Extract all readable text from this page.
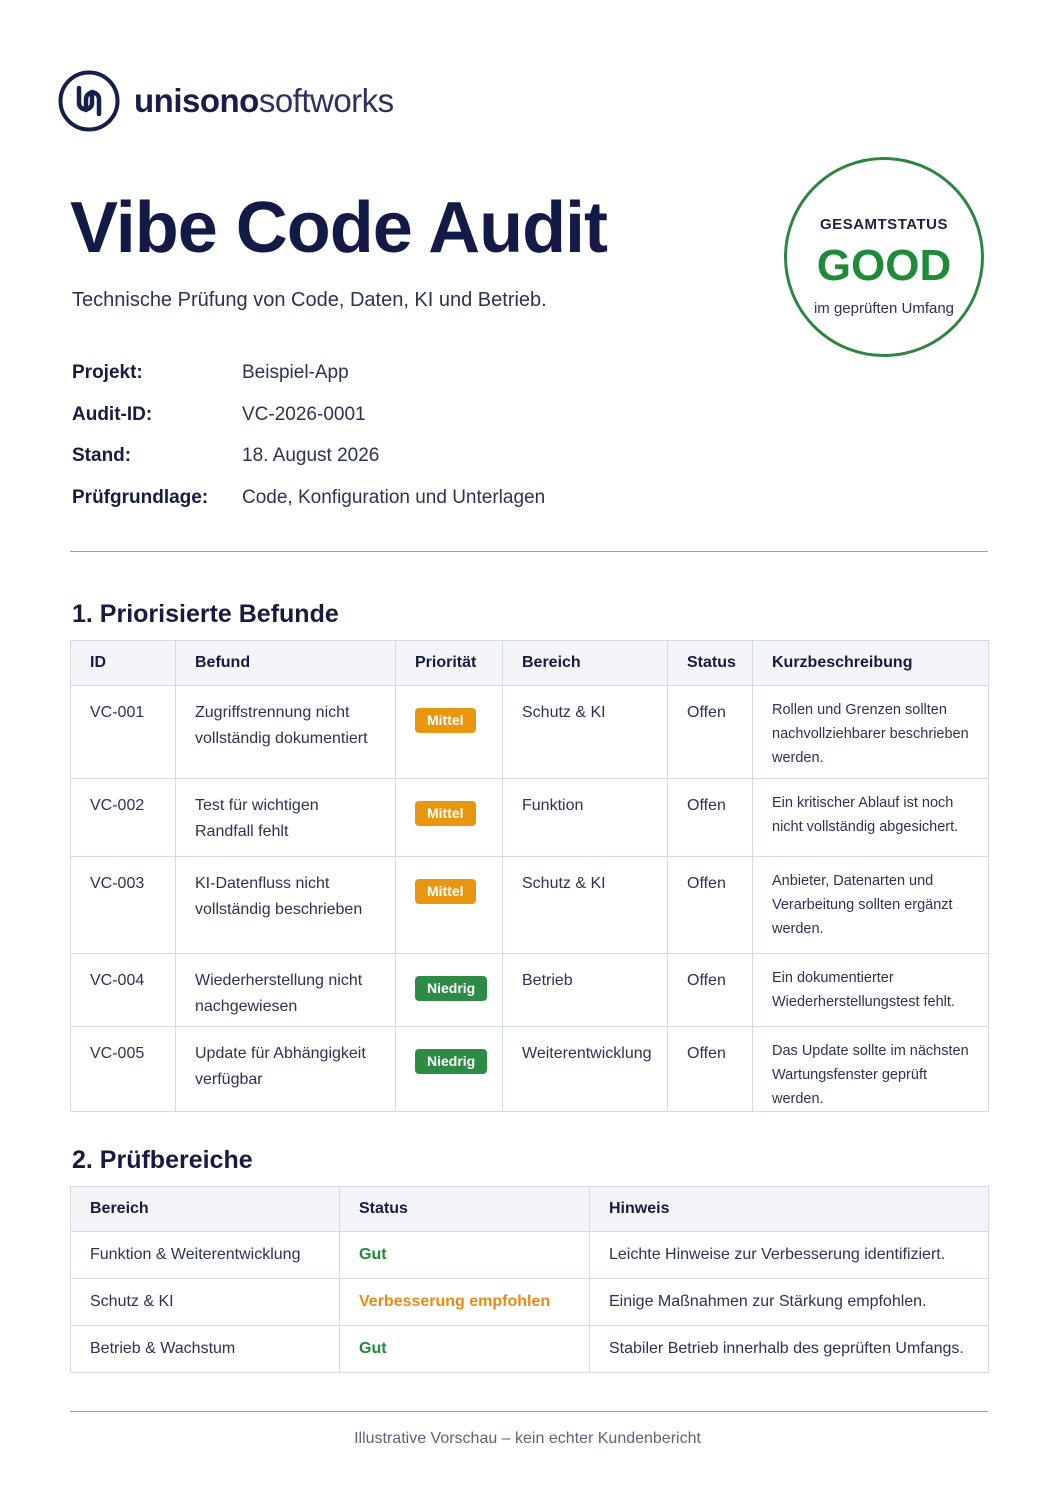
unisonosoftworks
Vibe Code Audit
Technische Prüfung von Code, Daten, KI und Betrieb.
GESAMTSTATUS
GOOD
im geprüften Umfang
Projekt:	Beispiel-App
Audit-ID:	VC-2026-0001
Stand:	18. August 2026
Prüfgrundlage:	Code, Konfiguration und Unterlagen
1. Priorisierte Befunde
ID	Befund	Priorität	Bereich	Status	Kurzbeschreibung
VC-001	Zugriffstrennung nicht vollständig dokumentiert	Mittel	Schutz & KI	Offen	Rollen und Grenzen sollten nachvollziehbarer beschrieben werden.
VC-002	Test für wichtigen Randfall fehlt	Mittel	Funktion	Offen	Ein kritischer Ablauf ist noch nicht vollständig abgesichert.
VC-003	KI-Datenfluss nicht vollständig beschrieben	Mittel	Schutz & KI	Offen	Anbieter, Datenarten und Verarbeitung sollten ergänzt werden.
VC-004	Wiederherstellung nicht nachgewiesen	Niedrig	Betrieb	Offen	Ein dokumentierter Wiederherstellungstest fehlt.
VC-005	Update für Abhängigkeit verfügbar	Niedrig	Weiterentwicklung	Offen	Das Update sollte im nächsten Wartungsfenster geprüft werden.
2. Prüfbereiche
Bereich	Status	Hinweis
Funktion & Weiterentwicklung	Gut	Leichte Hinweise zur Verbesserung identifiziert.
Schutz & KI	Verbesserung empfohlen	Einige Maßnahmen zur Stärkung empfohlen.
Betrieb & Wachstum	Gut	Stabiler Betrieb innerhalb des geprüften Umfangs.
Illustrative Vorschau – kein echter Kundenbericht
